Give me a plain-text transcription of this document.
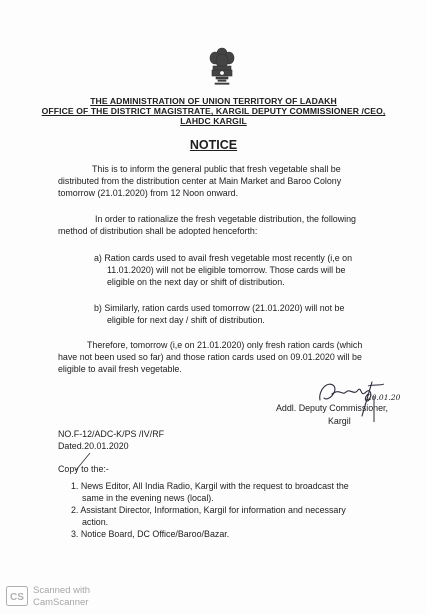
THE ADMINISTRATION OF UNION TERRITORY OF LADAKH
OFFICE OF THE DISTRICT MAGISTRATE, KARGIL DEPUTY COMMISSIONER /CEO,
LAHDC KARGIL
NOTICE
This is to inform the general public that fresh vegetable shall be
distributed from the distribution center at Main Market and Baroo Colony
tomorrow (21.01.2020) from 12 Noon onward.
In order to rationalize the fresh vegetable distribution, the following
method of distribution shall be adopted henceforth:
a) Ration cards used to avail fresh vegetable most recently (i,e on
11.01.2020) will not be eligible tomorrow. Those cards will be
eligible on the next day or shift of distribution.
b) Similarly, ration cards used tomorrow (21.01.2020) will not be
eligible for next day / shift of distribution.
Therefore, tomorrow (i,e on 21.01.2020) only fresh ration cards (which
have not been used so far) and those ration cards used on 09.01.2020 will be
eligible to avail fresh vegetable.
20.01.20
Addl. Deputy Commissioner,
Kargil
NO.F-12/ADC-K/PS /IV/RF
Dated.20.01.2020
Copy to the:-
1. News Editor, All India Radio, Kargil with the request to broadcast the
same in the evening news (local).
2. Assistant Director, Information, Kargil for information and necessary
action.
3. Notice Board, DC Office/Baroo/Bazar.
CS
Scanned with
CamScanner
